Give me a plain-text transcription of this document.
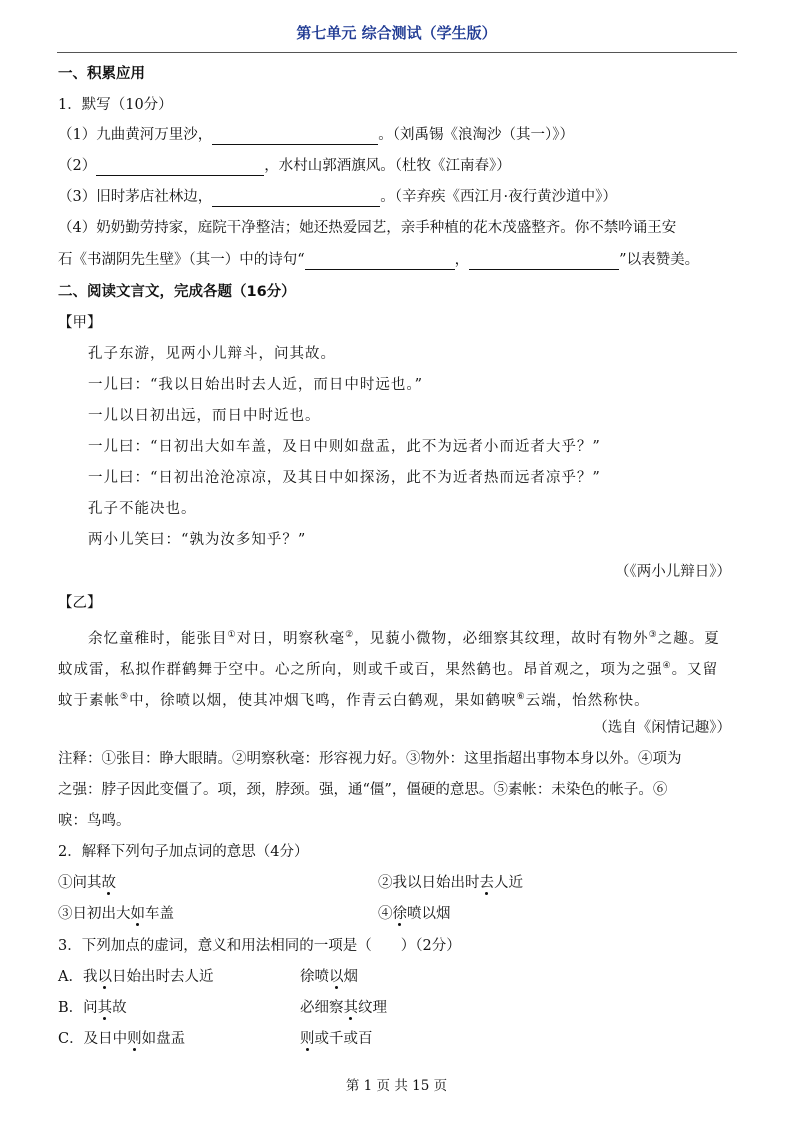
第七单元 综合测试（学生版）
一、积累应用
1．默写（10分）
（1）九曲黄河万里沙，	。（刘禹锡《浪淘沙（其一）》）
（2）	，水村山郭酒旗风。（杜牧《江南春》）
（3）旧时茅店社林边，	。（辛弃疾《西江月·夜行黄沙道中》）
（4）奶奶勤劳持家，庭院干净整洁；她还热爱园艺，亲手种植的花木茂盛整齐。你不禁吟诵王安
石《书湖阴先生壁》（其一）中的诗句“	，	”以表赞美。
二、阅读文言文，完成各题（16分）
【甲】
孔子东游，见两小儿辩斗，问其故。
一儿曰：“我以日始出时去人近，而日中时远也。”
一儿以日初出远，而日中时近也。
一儿曰：“日初出大如车盖，及日中则如盘盂，此不为远者小而近者大乎？”
一儿曰：“日初出沧沧凉凉，及其日中如探汤，此不为近者热而远者凉乎？”
孔子不能决也。
两小儿笑曰：“孰为汝多知乎？”
（《两小儿辩日》）
【乙】
余忆童稚时，能张目①对日，明察秋毫②，见藐小微物，必细察其纹理，故时有物外③之趣。夏
蚊成雷，私拟作群鹤舞于空中。心之所向，则或千或百，果然鹤也。昂首观之，项为之强④。又留
蚊于素帐⑤中，徐喷以烟，使其冲烟飞鸣，作青云白鹤观，果如鹤唳⑥云端，怡然称快。
（选自《闲情记趣》）
注释：①张目：睁大眼睛。②明察秋毫：形容视力好。③物外：这里指超出事物本身以外。④项为
之强：脖子因此变僵了。项，颈，脖颈。强，通“僵”，僵硬的意思。⑤素帐：未染色的帐子。⑥
唳：鸟鸣。
2．解释下列句子加点词的意思（4分）
①问其故	②我以日始出时去人近
③日初出大如车盖	④徐喷以烟
3．下列加点的虚词，意义和用法相同的一项是（　　）（2分）
A．我以日始出时去人近	徐喷以烟
B．问其故	必细察其纹理
C．及日中则如盘盂	则或千或百
第 1 页 共 15 页
